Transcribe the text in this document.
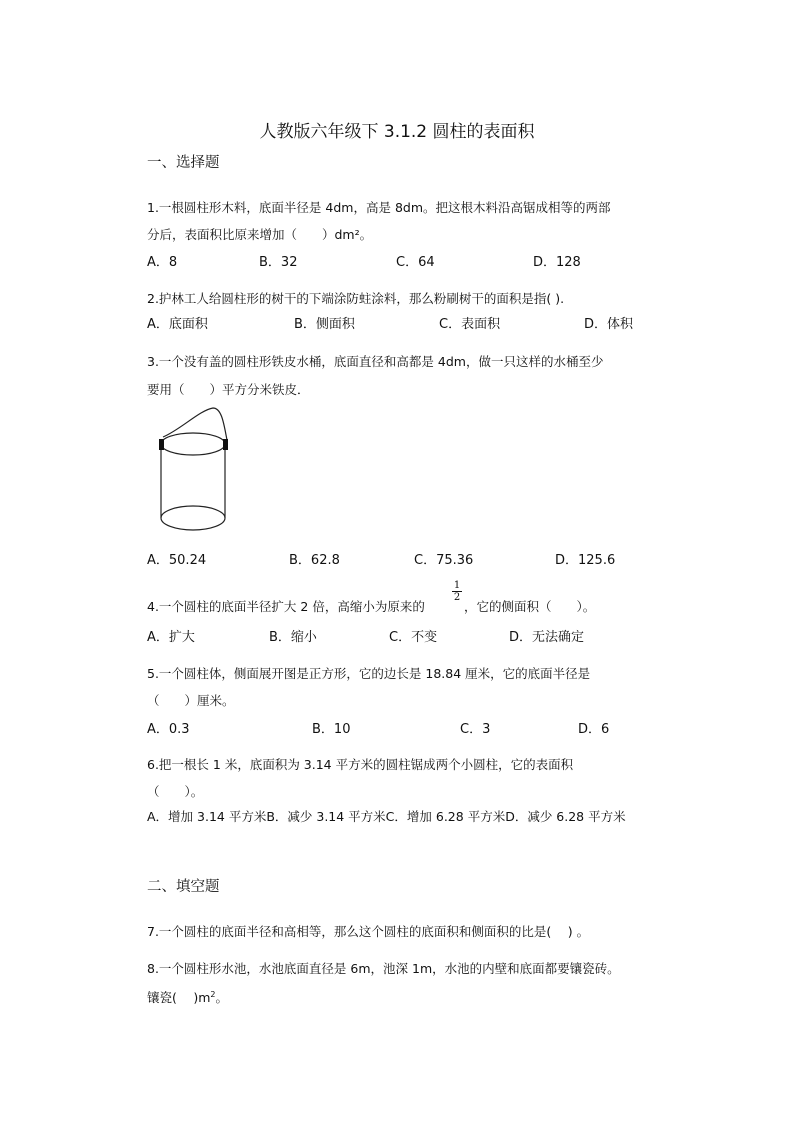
人教版六年级下 3.1.2 圆柱的表面积
一、选择题
1.一根圆柱形木料，底面半径是 4dm，高是 8dm。把这根木料沿高锯成相等的两部
分后，表面积比原来增加（　　）dm²。
A．8	B．32	C．64	D．128
2.护林工人给圆柱形的树干的下端涂防蛀涂料，那么粉刷树干的面积是指( ).
A．底面积	B．侧面积	C．表面积	D．体积
3.一个没有盖的圆柱形铁皮水桶，底面直径和高都是 4dm，做一只这样的水桶至少
要用（　　）平方分米铁皮．
A．50.24	B．62.8	C．75.36	D．125.6
4.一个圆柱的底面半径扩大 2 倍，高缩小为原来的
$\frac{1}{2}$
，它的侧面积（　　）。
A．扩大	B．缩小	C．不变	D．无法确定
5.一个圆柱体，侧面展开图是正方形，它的边长是 18.84 厘米，它的底面半径是
（　　）厘米。
A．0.3	B．10	C．3	D．6
6.把一根长 1 米，底面积为 3.14 平方米的圆柱锯成两个小圆柱，它的表面积
（　　）。
A．增加 3.14 平方米B．减少 3.14 平方米C．增加 6.28 平方米D．减少 6.28 平方米
二、填空题
7.一个圆柱的底面半径和高相等，那么这个圆柱的底面积和侧面积的比是(　 ) 。
8.一个圆柱形水池，水池底面直径是 6m，池深 1m，水池的内壁和底面都要镶瓷砖。
镶瓷(　 )$m^2$。
